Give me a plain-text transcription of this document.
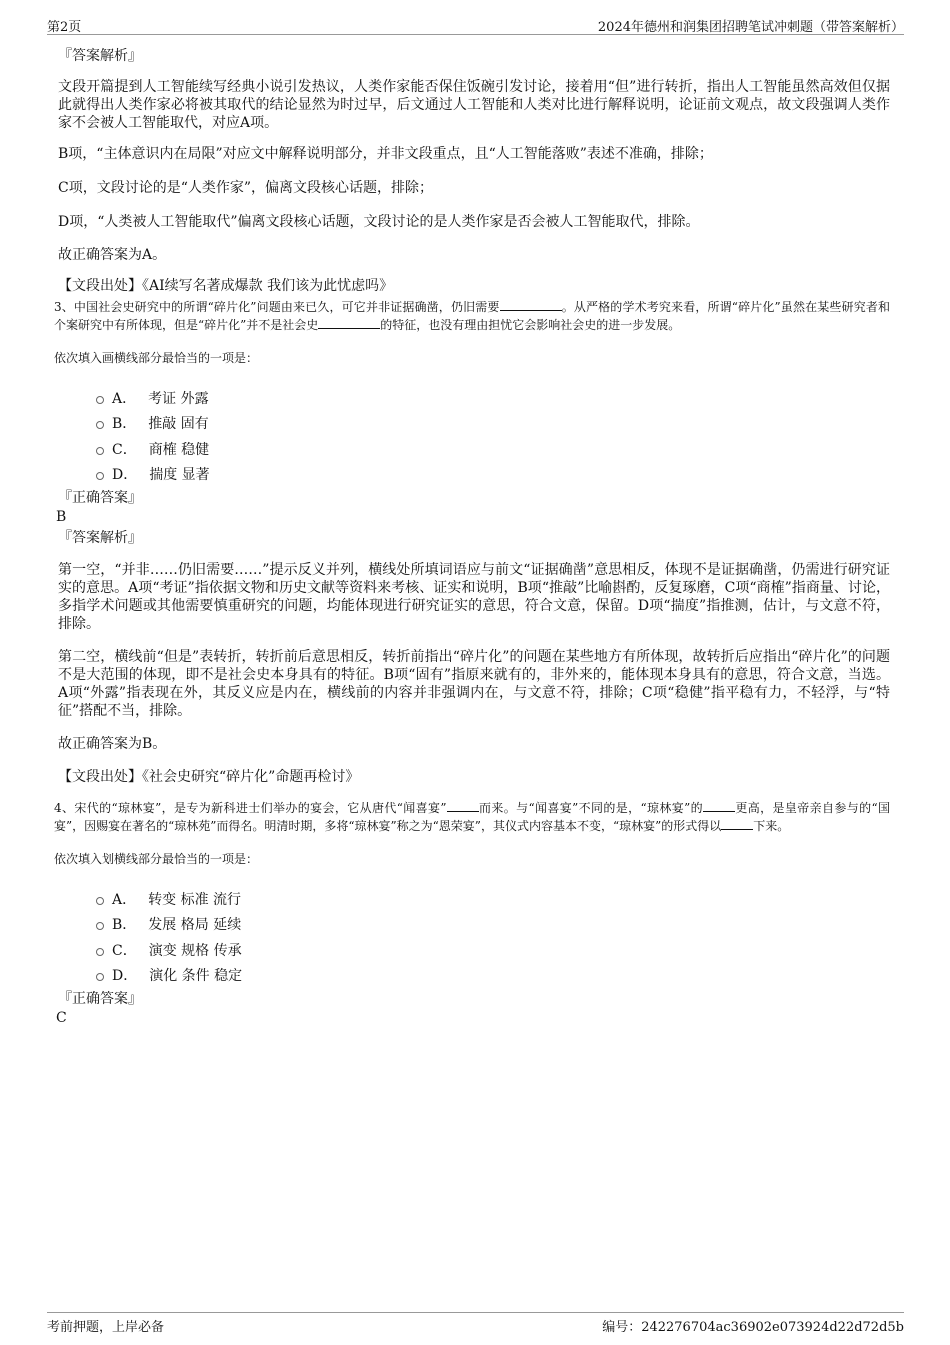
第2页	2024年德州和润集团招聘笔试冲刺题（带答案解析）

『答案解析』

文段开篇提到人工智能续写经典小说引发热议，人类作家能否保住饭碗引发讨论，接着用“但”进行转折，指出人工智能虽然高效但仅据此就得出人类作家必将被其取代的结论显然为时过早，后文通过人工智能和人类对比进行解释说明，论证前文观点，故文段强调人类作家不会被人工智能取代，对应A项。

B项，“主体意识内在局限”对应文中解释说明部分，并非文段重点，且“人工智能落败”表述不准确，排除；

C项，文段讨论的是“人类作家”，偏离文段核心话题，排除；

D项，“人类被人工智能取代”偏离文段核心话题，文段讨论的是人类作家是否会被人工智能取代，排除。

故正确答案为A。

【文段出处】《AI续写名著成爆款 我们该为此忧虑吗》

3、中国社会史研究中的所谓“碎片化”问题由来已久，可它并非证据确凿，仍旧需要	。从严格的学术考究来看，所谓“碎片化”虽然在某些研究者和个案研究中有所体现，但是“碎片化”并不是社会史	的特征，也没有理由担忧它会影响社会史的进一步发展。

依次填入画横线部分最恰当的一项是：

A． 考证 外露
B． 推敲 固有
C． 商榷 稳健
D． 揣度 显著

『正确答案』

B

『答案解析』

第一空，“并非……仍旧需要……”提示反义并列，横线处所填词语应与前文“证据确凿”意思相反，体现不是证据确凿，仍需进行研究证实的意思。A项“考证”指依据文物和历史文献等资料来考核、证实和说明，B项“推敲”比喻斟酌，反复琢磨，C项“商榷”指商量、讨论，多指学术问题或其他需要慎重研究的问题，均能体现进行研究证实的意思，符合文意，保留。D项“揣度”指推测，估计，与文意不符，排除。

第二空，横线前“但是”表转折，转折前后意思相反，转折前指出“碎片化”的问题在某些地方有所体现，故转折后应指出“碎片化”的问题不是大范围的体现，即不是社会史本身具有的特征。B项“固有”指原来就有的，非外来的，能体现本身具有的意思，符合文意，当选。A项“外露”指表现在外，其反义应是内在，横线前的内容并非强调内在，与文意不符，排除；C项“稳健”指平稳有力，不轻浮，与“特征”搭配不当，排除。

故正确答案为B。

【文段出处】《社会史研究“碎片化”命题再检讨》

4、宋代的“琼林宴”，是专为新科进士们举办的宴会，它从唐代“闻喜宴”	而来。与“闻喜宴”不同的是，“琼林宴”的	更高，是皇帝亲自参与的“国宴”，因赐宴在著名的“琼林苑”而得名。明清时期，多将“琼林宴”称之为“恩荣宴”，其仪式内容基本不变，“琼林宴”的形式得以	下来。

依次填入划横线部分最恰当的一项是：

A． 转变 标准 流行
B． 发展 格局 延续
C． 演变 规格 传承
D． 演化 条件 稳定

『正确答案』

C

考前押题，上岸必备	编号：242276704ac36902e073924d22d72d5b
